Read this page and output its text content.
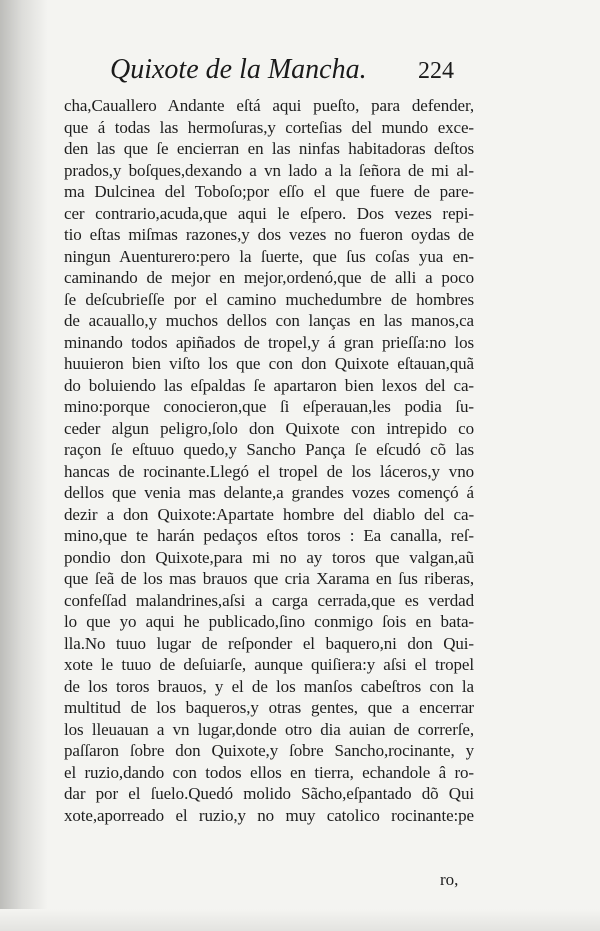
Quixote de la Mancha.	224
cha,Cauallero Andante eſtá aqui pueſto, para defender,
que á todas las hermoſuras,y corteſias del mundo exce-
den las que ſe encierran en las ninfas habitadoras deſtos
prados,y boſques,dexando a vn lado a la ſeñora de mi al-
ma Dulcinea del Toboſo;por eſſo el que fuere de pare-
cer contrario,acuda,que aqui le eſpero. Dos vezes repi-
tio eſtas miſmas razones,y dos vezes no fueron oydas de
ningun Auenturero:pero la ſuerte, que ſus coſas yua en-
caminando de mejor en mejor,ordenó,que de alli a poco
ſe deſcubrieſſe por el camino muchedumbre de hombres
de acauallo,y muchos dellos con lanças en las manos,ca
minando todos apiñados de tropel,y á gran prieſſa:no los
huuieron bien viſto los que con don Quixote eſtauan,quã
do boluiendo las eſpaldas ſe apartaron bien lexos del ca-
mino:porque conocieron,que ſi eſperauan,les podia ſu-
ceder algun peligro,ſolo don Quixote con intrepido co
raçon ſe eſtuuo quedo,y Sancho Pança ſe eſcudó cõ las
hancas de rocinante.Llegó el tropel de los láceros,y vno
dellos que venia mas delante,a grandes vozes començó á
dezir a don Quixote:Apartate hombre del diablo del ca-
mino,que te harán pedaços eſtos toros : Ea canalla, reſ-
pondio don Quixote,para mi no ay toros que valgan,aũ
que ſeã de los mas brauos que cria Xarama en ſus riberas,
confeſſad malandrines,aſsi a carga cerrada,que es verdad
lo que yo aqui he publicado,ſino conmigo ſois en bata-
lla.No tuuo lugar de reſponder el baquero,ni don Qui-
xote le tuuo de deſuiarſe, aunque quiſiera:y aſsi el tropel
de los toros brauos, y el de los manſos cabeſtros con la
multitud de los baqueros,y otras gentes, que a encerrar
los lleuauan a vn lugar,donde otro dia auian de correrſe,
paſſaron ſobre don Quixote,y ſobre Sancho,rocinante, y
el ruzio,dando con todos ellos en tierra, echandole â ro-
dar por el ſuelo.Quedó molido Sãcho,eſpantado dõ Qui
xote,aporreado el ruzio,y no muy catolico rocinante:pe
ro,
